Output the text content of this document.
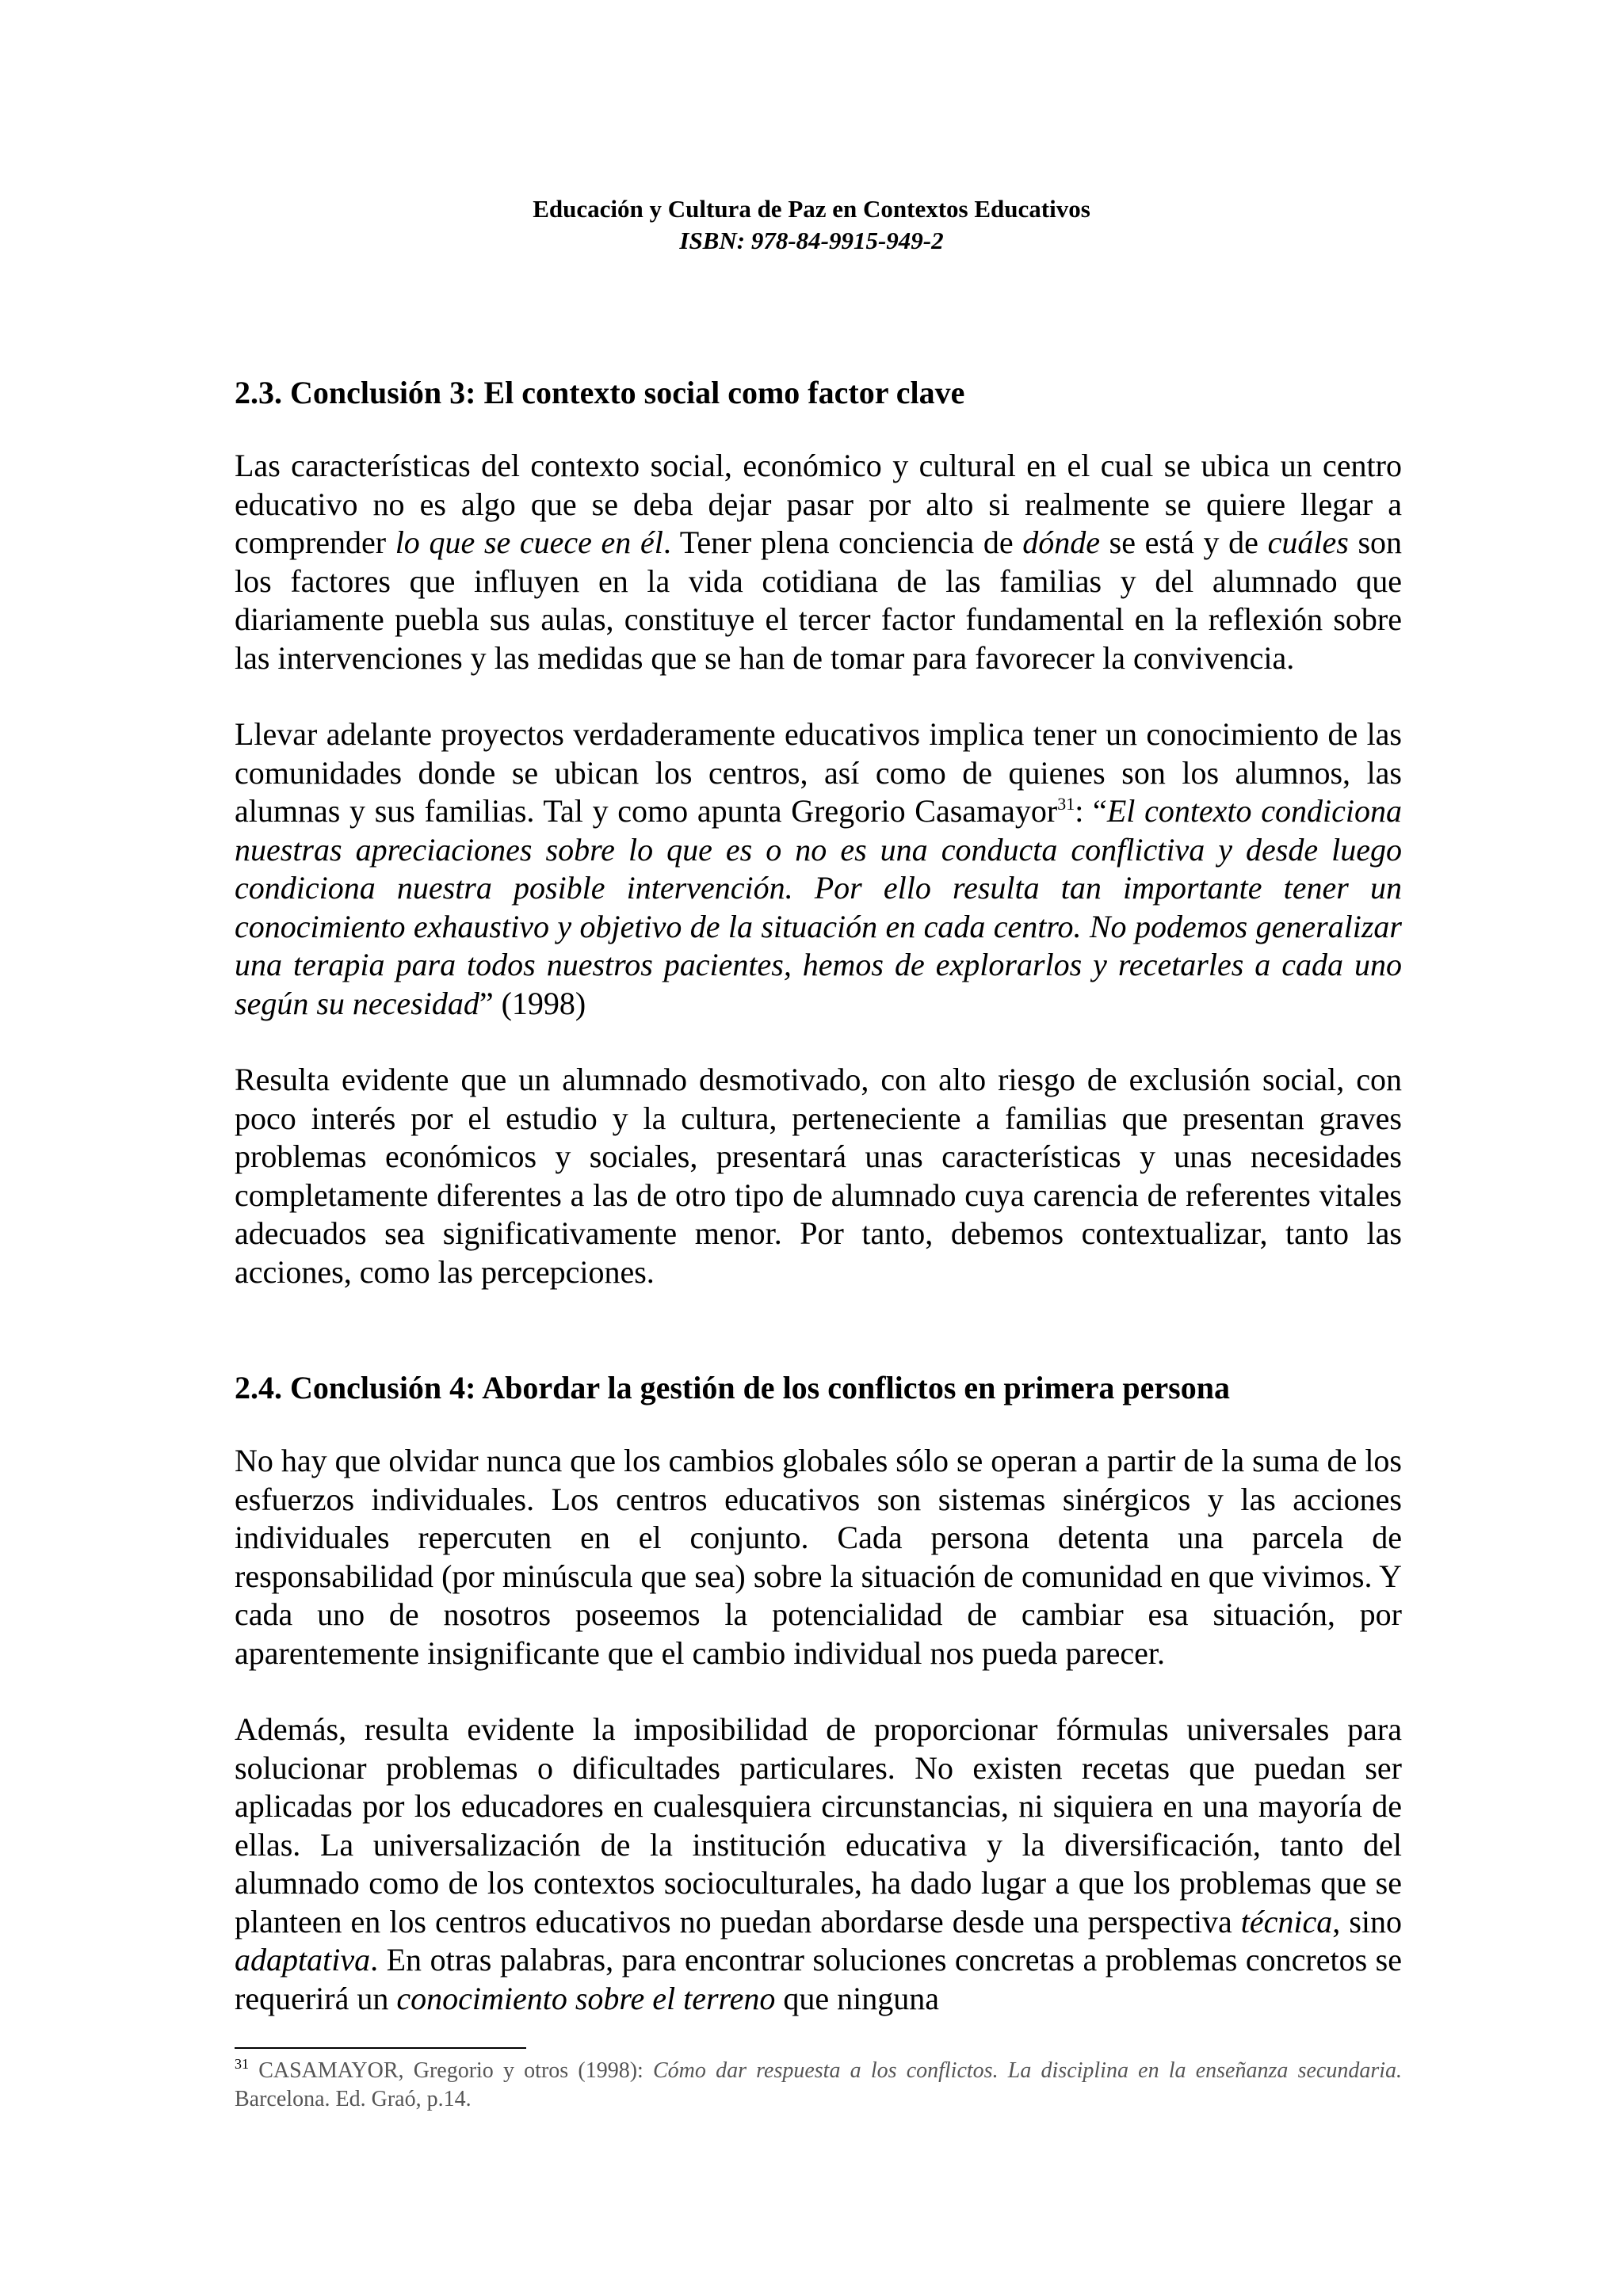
Educación y Cultura de Paz en Contextos Educativos
ISBN: 978-84-9915-949-2
2.3. Conclusión 3: El contexto social como factor clave

Las características del contexto social, económico y cultural en el cual se ubica un centro educativo no es algo que se deba dejar pasar por alto si realmente se quiere llegar a comprender lo que se cuece en él. Tener plena conciencia de dónde se está y de cuáles son los factores que influyen en la vida cotidiana de las familias y del alumnado que diariamente puebla sus aulas, constituye el tercer factor fundamental en la reflexión sobre las intervenciones y las medidas que se han de tomar para favorecer la convivencia.

Llevar adelante proyectos verdaderamente educativos implica tener un conocimiento de las comunidades donde se ubican los centros, así como de quienes son los alumnos, las alumnas y sus familias. Tal y como apunta Gregorio Casamayor$^{31}$: “El contexto condiciona nuestras apreciaciones sobre lo que es o no es una conducta conflictiva y desde luego condiciona nuestra posible intervención. Por ello resulta tan importante tener un conocimiento exhaustivo y objetivo de la situación en cada centro. No podemos generalizar una terapia para todos nuestros pacientes, hemos de explorarlos y recetarles a cada uno según su necesidad” (1998)

Resulta evidente que un alumnado desmotivado, con alto riesgo de exclusión social, con poco interés por el estudio y la cultura, perteneciente a familias que presentan graves problemas económicos y sociales, presentará unas características y unas necesidades completamente diferentes a las de otro tipo de alumnado cuya carencia de referentes vitales adecuados sea significativamente menor. Por tanto, debemos contextualizar, tanto las acciones, como las percepciones.

2.4. Conclusión 4: Abordar la gestión de los conflictos en primera persona

No hay que olvidar nunca que los cambios globales sólo se operan a partir de la suma de los esfuerzos individuales. Los centros educativos son sistemas sinérgicos y las acciones individuales repercuten en el conjunto. Cada persona detenta una parcela de responsabilidad (por minúscula que sea) sobre la situación de comunidad en que vivimos. Y cada uno de nosotros poseemos la potencialidad de cambiar esa situación, por aparentemente insignificante que el cambio individual nos pueda parecer.

Además, resulta evidente la imposibilidad de proporcionar fórmulas universales para solucionar problemas o dificultades particulares. No existen recetas que puedan ser aplicadas por los educadores en cualesquiera circunstancias, ni siquiera en una mayoría de ellas. La universalización de la institución educativa y la diversificación, tanto del alumnado como de los contextos socioculturales, ha dado lugar a que los problemas que se planteen en los centros educativos no puedan abordarse desde una perspectiva técnica, sino adaptativa. En otras palabras, para encontrar soluciones concretas a problemas concretos se requerirá un conocimiento sobre el terreno que ninguna

$^{31}$ CASAMAYOR, Gregorio y otros (1998): Cómo dar respuesta a los conflictos. La disciplina en la enseñanza secundaria. Barcelona. Ed. Graó, p.14.
